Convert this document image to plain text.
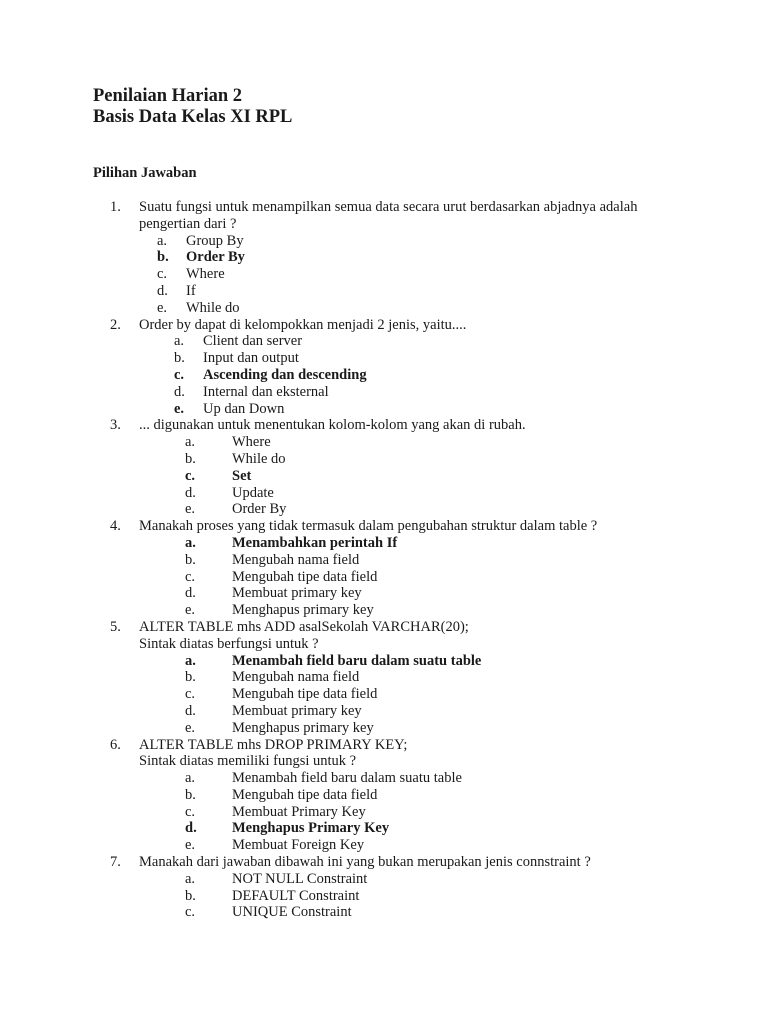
Penilaian Harian 2
Basis Data Kelas XI RPL
Pilihan Jawaban
1.	Suatu fungsi untuk menampilkan semua data secara urut berdasarkan abjadnya adalah
pengertian dari ?
a.	Group By
b.	Order By
c.	Where
d.	If
e.	While do
2.	Order by dapat di kelompokkan menjadi 2 jenis, yaitu....
a.	Client dan server
b.	Input dan output
c.	Ascending dan descending
d.	Internal dan eksternal
e.	Up dan Down
3.	... digunakan untuk menentukan kolom-kolom yang akan di rubah.
a.	Where
b.	While do
c.	Set
d.	Update
e.	Order By
4.	Manakah proses yang tidak termasuk dalam pengubahan struktur dalam table ?
a.	Menambahkan perintah If
b.	Mengubah nama field
c.	Mengubah tipe data field
d.	Membuat primary key
e.	Menghapus primary key
5.	ALTER TABLE mhs ADD asalSekolah VARCHAR(20);
Sintak diatas berfungsi untuk ?
a.	Menambah field baru dalam suatu table
b.	Mengubah nama field
c.	Mengubah tipe data field
d.	Membuat primary key
e.	Menghapus primary key
6.	ALTER TABLE mhs DROP PRIMARY KEY;
Sintak diatas memiliki fungsi untuk ?
a.	Menambah field baru dalam suatu table
b.	Mengubah tipe data field
c.	Membuat Primary Key
d.	Menghapus Primary Key
e.	Membuat Foreign Key
7.	Manakah dari jawaban dibawah ini yang bukan merupakan jenis connstraint ?
a.	NOT NULL Constraint
b.	DEFAULT Constraint
c.	UNIQUE Constraint
